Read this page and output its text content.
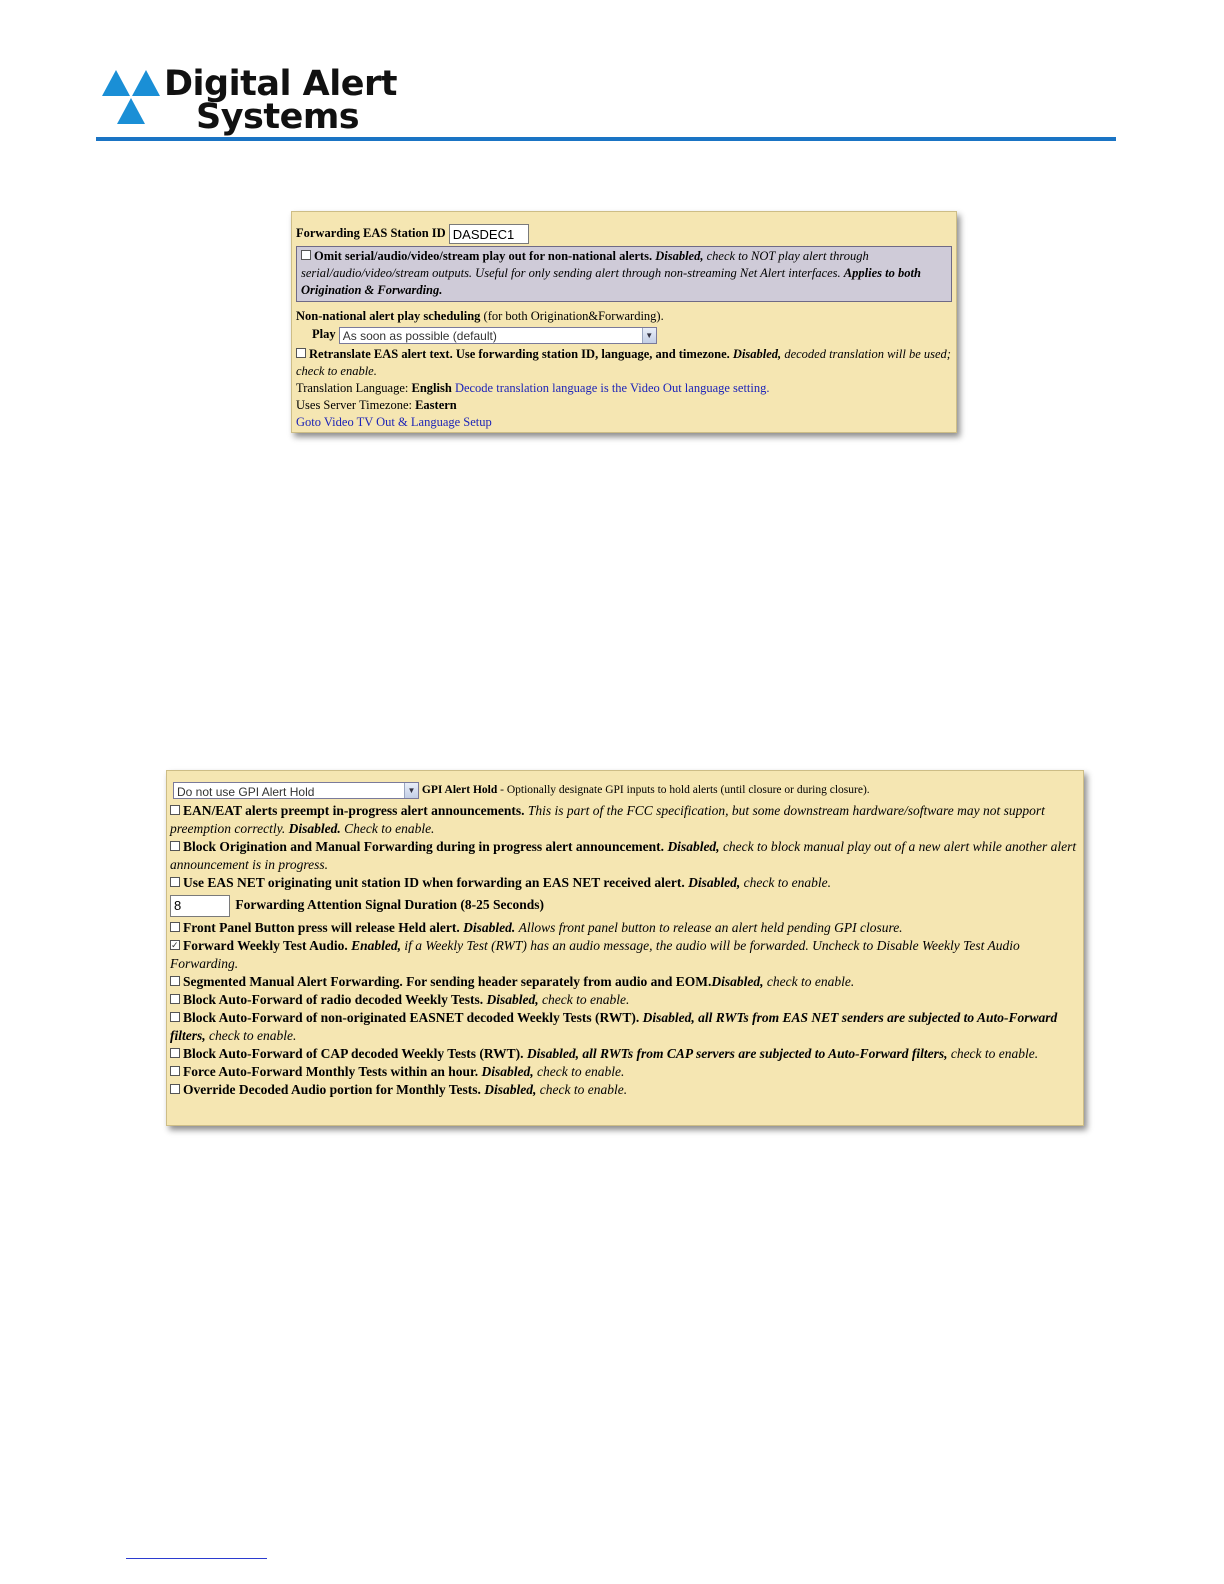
Digital Alert
Systems
Forwarding EAS Station ID DASDEC1
Omit serial/audio/video/stream play out for non-national alerts. Disabled, check to NOT play alert through serial/audio/video/stream outputs. Useful for only sending alert through non-streaming Net Alert interfaces. Applies to both Origination & Forwarding.
Non-national alert play scheduling (for both Origination&Forwarding).
Play As soon as possible (default)	▼
Retranslate EAS alert text. Use forwarding station ID, language, and timezone. Disabled, decoded translation will be used; check to enable.
Translation Language: English Decode translation language is the Video Out language setting.
Uses Server Timezone: Eastern
Goto Video TV Out & Language Setup
Do not use GPI Alert Hold	▼ GPI Alert Hold - Optionally designate GPI inputs to hold alerts (until closure or during closure).
EAN/EAT alerts preempt in-progress alert announcements. This is part of the FCC specification, but some downstream hardware/software may not support preemption correctly. Disabled. Check to enable.
Block Origination and Manual Forwarding during in progress alert announcement. Disabled, check to block manual play out of a new alert while another alert announcement is in progress.
Use EAS NET originating unit station ID when forwarding an EAS NET received alert. Disabled, check to enable.
8	Forwarding Attention Signal Duration (8-25 Seconds)
Front Panel Button press will release Held alert. Disabled. Allows front panel button to release an alert held pending GPI closure.
✓Forward Weekly Test Audio. Enabled, if a Weekly Test (RWT) has an audio message, the audio will be forwarded. Uncheck to Disable Weekly Test Audio Forwarding.
Segmented Manual Alert Forwarding. For sending header separately from audio and EOM.Disabled, check to enable.
Block Auto-Forward of radio decoded Weekly Tests. Disabled, check to enable.
Block Auto-Forward of non-originated EASNET decoded Weekly Tests (RWT). Disabled, all RWTs from EAS NET senders are subjected to Auto-Forward filters, check to enable.
Block Auto-Forward of CAP decoded Weekly Tests (RWT). Disabled, all RWTs from CAP servers are subjected to Auto-Forward filters, check to enable.
Force Auto-Forward Monthly Tests within an hour. Disabled, check to enable.
Override Decoded Audio portion for Monthly Tests. Disabled, check to enable.
